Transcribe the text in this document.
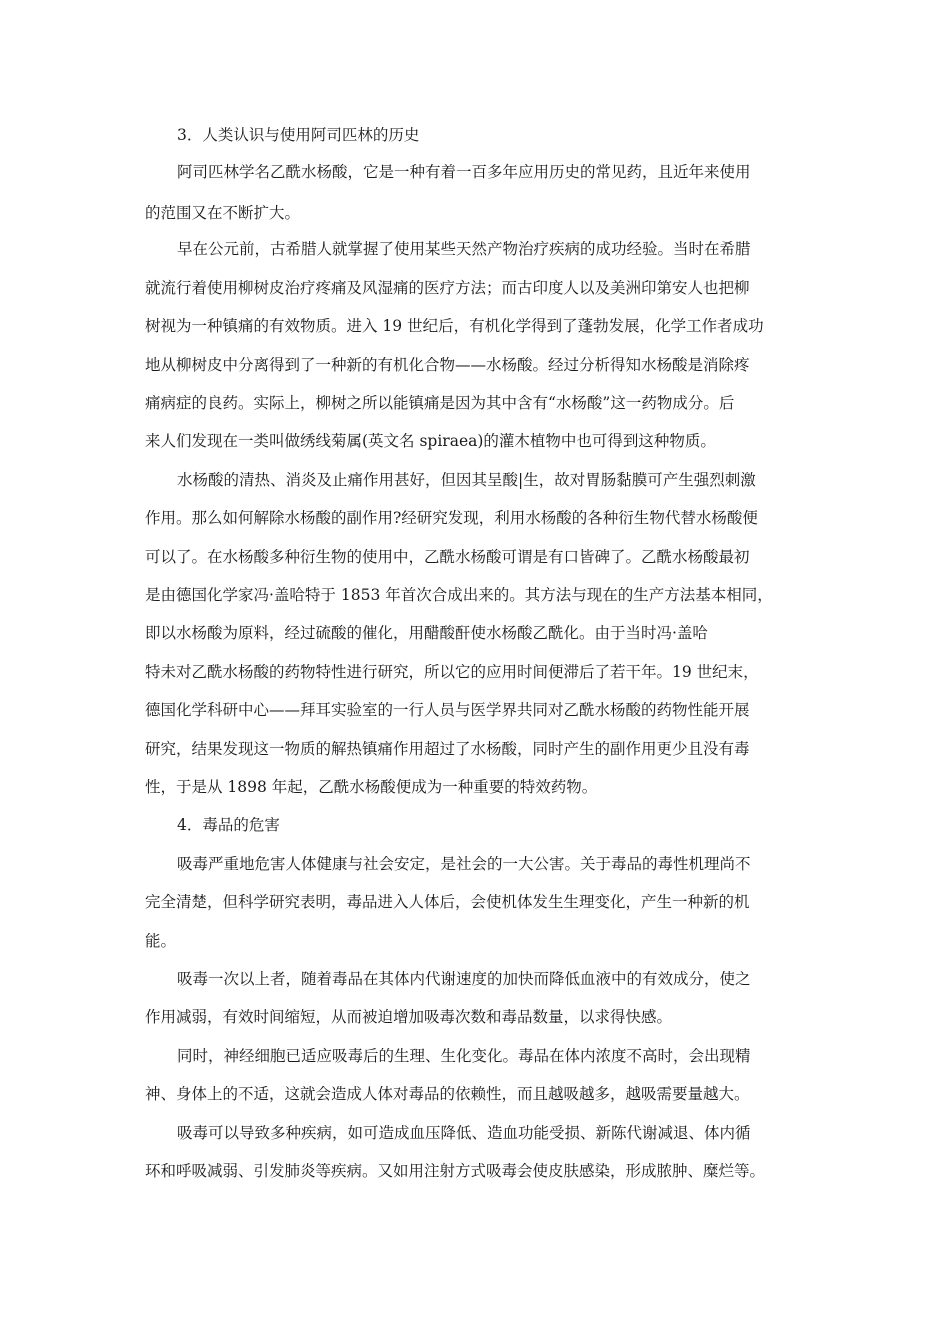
3．人类认识与使用阿司匹林的历史
阿司匹林学名乙酰水杨酸，它是一种有着一百多年应用历史的常见药，且近年来使用
的范围又在不断扩大。
早在公元前，古希腊人就掌握了使用某些天然产物治疗疾病的成功经验。当时在希腊
就流行着使用柳树皮治疗疼痛及风湿痛的医疗方法；而古印度人以及美洲印第安人也把柳
树视为一种镇痛的有效物质。进入 19 世纪后，有机化学得到了蓬勃发展，化学工作者成功
地从柳树皮中分离得到了一种新的有机化合物——水杨酸。经过分析得知水杨酸是消除疼
痛病症的良药。实际上，柳树之所以能镇痛是因为其中含有“水杨酸”这一药物成分。后
来人们发现在一类叫做绣线菊属(英文名 spiraea)的灌木植物中也可得到这种物质。
水杨酸的清热、消炎及止痛作用甚好，但因其呈酸|生，故对胃肠黏膜可产生强烈刺激
作用。那么如何解除水杨酸的副作用?经研究发现，利用水杨酸的各种衍生物代替水杨酸便
可以了。在水杨酸多种衍生物的使用中，乙酰水杨酸可谓是有口皆碑了。乙酰水杨酸最初
是由德国化学家冯·盖哈特于 1853 年首次合成出来的。其方法与现在的生产方法基本相同，
即以水杨酸为原料，经过硫酸的催化，用醋酸酐使水杨酸乙酰化。由于当时冯·盖哈
特未对乙酰水杨酸的药物特性进行研究，所以它的应用时间便滞后了若干年。19 世纪末，
德国化学科研中心——拜耳实验室的一行人员与医学界共同对乙酰水杨酸的药物性能开展
研究，结果发现这一物质的解热镇痛作用超过了水杨酸，同时产生的副作用更少且没有毒
性，于是从 1898 年起，乙酰水杨酸便成为一种重要的特效药物。
4．毒品的危害
吸毒严重地危害人体健康与社会安定，是社会的一大公害。关于毒品的毒性机理尚不
完全清楚，但科学研究表明，毒品进入人体后，会使机体发生生理变化，产生一种新的机
能。
吸毒一次以上者，随着毒品在其体内代谢速度的加快而降低血液中的有效成分，使之
作用减弱，有效时间缩短，从而被迫增加吸毒次数和毒品数量，以求得快感。
同时，神经细胞已适应吸毒后的生理、生化变化。毒品在体内浓度不高时，会出现精
神、身体上的不适，这就会造成人体对毒品的依赖性，而且越吸越多，越吸需要量越大。
吸毒可以导致多种疾病，如可造成血压降低、造血功能受损、新陈代谢减退、体内循
环和呼吸减弱、引发肺炎等疾病。又如用注射方式吸毒会使皮肤感染，形成脓肿、糜烂等。
